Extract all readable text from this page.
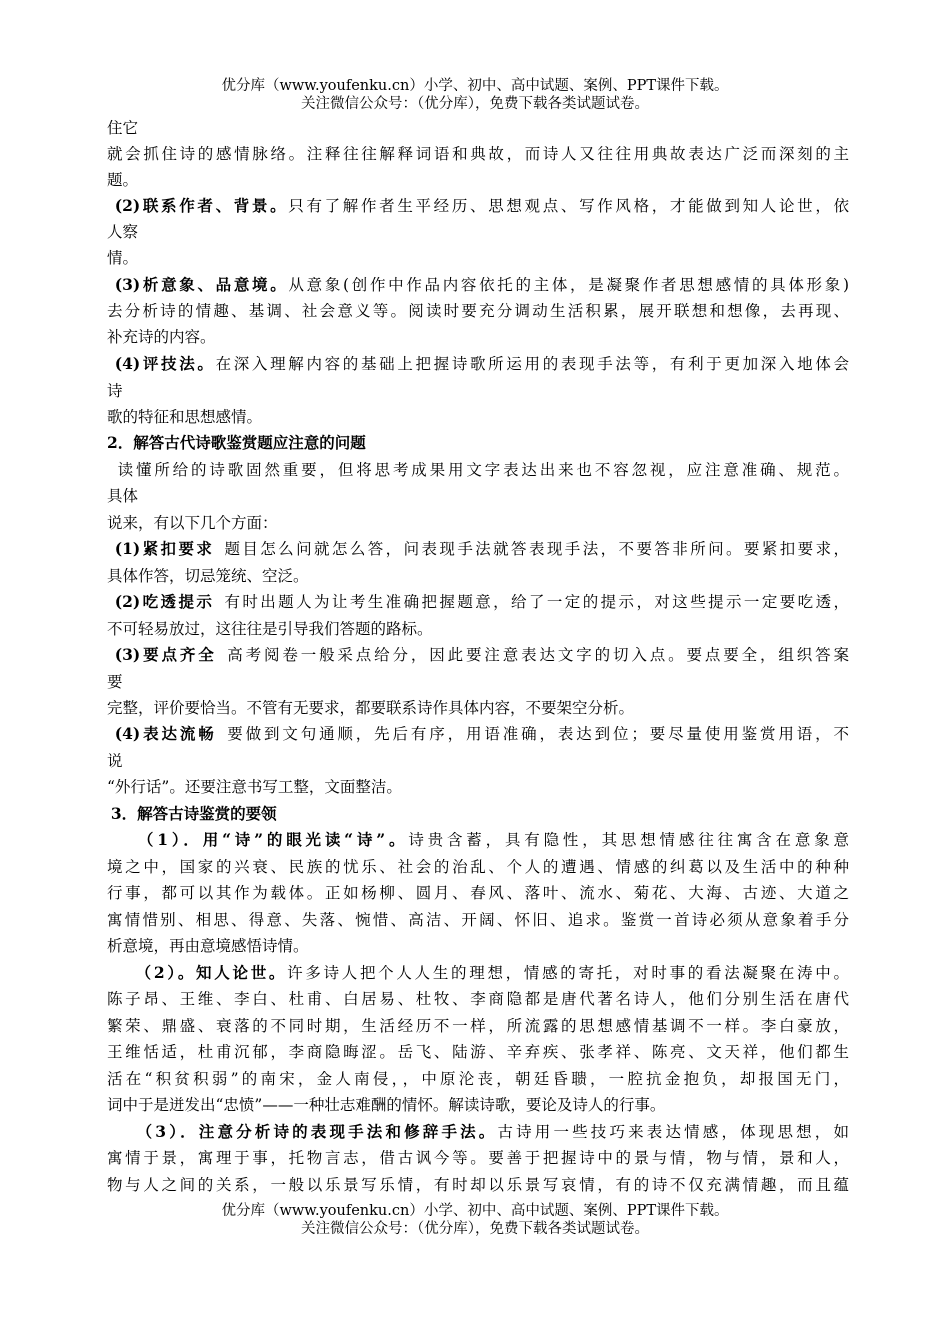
优分库（www.youfenku.cn）小学、初中、高中试题、案例、PPT课件下载。
关注微信公众号：（优分库），免费下载各类试题试卷。
住它
就会抓住诗的感情脉络。注释往往解释词语和典故，而诗人又往往用典故表达广泛而深刻的主
题。
 (2)联系作者、背景。只有了解作者生平经历、思想观点、写作风格，才能做到知人论世，依
人察
情。
 (3)析意象、品意境。从意象(创作中作品内容依托的主体，是凝聚作者思想感情的具体形象)
去分析诗的情趣、基调、社会意义等。阅读时要充分调动生活积累，展开联想和想像，去再现、
补充诗的内容。
 (4)评技法。在深入理解内容的基础上把握诗歌所运用的表现手法等，有利于更加深入地体会
诗
歌的特征和思想感情。
2．解答古代诗歌鉴赏题应注意的问题
 读懂所给的诗歌固然重要，但将思考成果用文字表达出来也不容忽视，应注意准确、规范。
具体
说来，有以下几个方面：
 (1)紧扣要求  题目怎么问就怎么答，问表现手法就答表现手法，不要答非所问。要紧扣要求，
具体作答，切忌笼统、空泛。
 (2)吃透提示  有时出题人为让考生准确把握题意，给了一定的提示，对这些提示一定要吃透，
不可轻易放过，这往往是引导我们答题的路标。
 (3)要点齐全  高考阅卷一般采点给分，因此要注意表达文字的切入点。要点要全，组织答案
要
完整，评价要恰当。不管有无要求，都要联系诗作具体内容，不要架空分析。
 (4)表达流畅  要做到文句通顺，先后有序，用语准确，表达到位；要尽量使用鉴赏用语，不
说
“外行话”。还要注意书写工整，文面整洁。
 3．解答古诗鉴赏的要领
　 （1）．用“诗”的眼光读“诗”。诗贵含蓄，具有隐性，其思想情感往往寓含在意象意
境之中，国家的兴衰、民族的忧乐、社会的治乱、个人的遭遇、情感的纠葛以及生活中的种种
行事，都可以其作为载体。正如杨柳、圆月、春风、落叶、流水、菊花、大海、古迹、大道之
寓情惜别、相思、得意、失落、惋惜、高洁、开阔、怀旧、追求。鉴赏一首诗必须从意象着手分
析意境，再由意境感悟诗情。
　 （2）。知人论世。许多诗人把个人人生的理想，情感的寄托，对时事的看法凝聚在涛中。
陈子昂、王维、李白、杜甫、白居易、杜牧、李商隐都是唐代著名诗人，他们分别生活在唐代
繁荣、鼎盛、衰落的不同时期，生活经历不一样，所流露的思想感情基调不一样。李白豪放，
王维恬适，杜甫沉郁，李商隐晦涩。岳飞、陆游、辛弃疾、张孝祥、陈亮、文天祥，他们都生
活在“积贫积弱”的南宋，金人南侵，，中原沦丧，朝廷昏聩，一腔抗金抱负，却报国无门，
词中于是迸发出“忠愤”——一种壮志难酬的情怀。解读诗歌，要论及诗人的行事。
　 （3）．注意分析诗的表现手法和修辞手法。古诗用一些技巧来表达情感，体现思想，如
寓情于景，寓理于事，托物言志，借古讽今等。要善于把握诗中的景与情，物与情，景和人，
物与人之间的关系，一般以乐景写乐情，有时却以乐景写哀情，有的诗不仅充满情趣，而且蕴
优分库（www.youfenku.cn）小学、初中、高中试题、案例、PPT课件下载。
关注微信公众号：（优分库），免费下载各类试题试卷。
